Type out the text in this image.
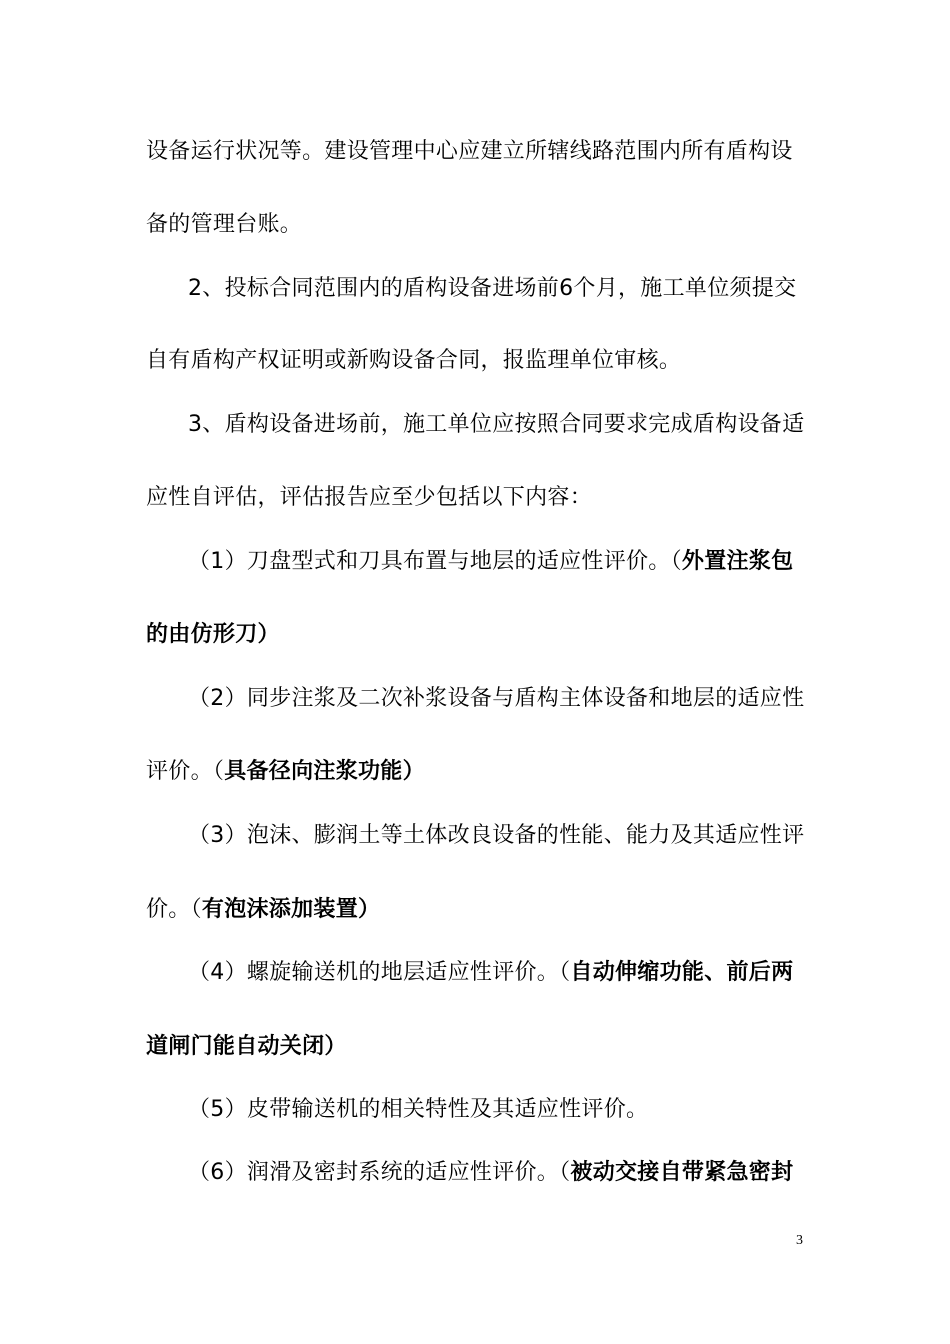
设备运行状况等。建设管理中心应建立所辖线路范围内所有盾构设
备的管理台账。
2、投标合同范围内的盾构设备进场前6个月，施工单位须提交
自有盾构产权证明或新购设备合同，报监理单位审核。
3、盾构设备进场前，施工单位应按照合同要求完成盾构设备适
应性自评估，评估报告应至少包括以下内容：
（1）刀盘型式和刀具布置与地层的适应性评价。（外置注浆包
的由仿形刀）
（2）同步注浆及二次补浆设备与盾构主体设备和地层的适应性
评价。（具备径向注浆功能）
（3）泡沫、膨润土等土体改良设备的性能、能力及其适应性评
价。（有泡沫添加装置）
（4）螺旋输送机的地层适应性评价。（自动伸缩功能、前后两
道闸门能自动关闭）
（5）皮带输送机的相关特性及其适应性评价。
（6）润滑及密封系统的适应性评价。（被动交接自带紧急密封
3
